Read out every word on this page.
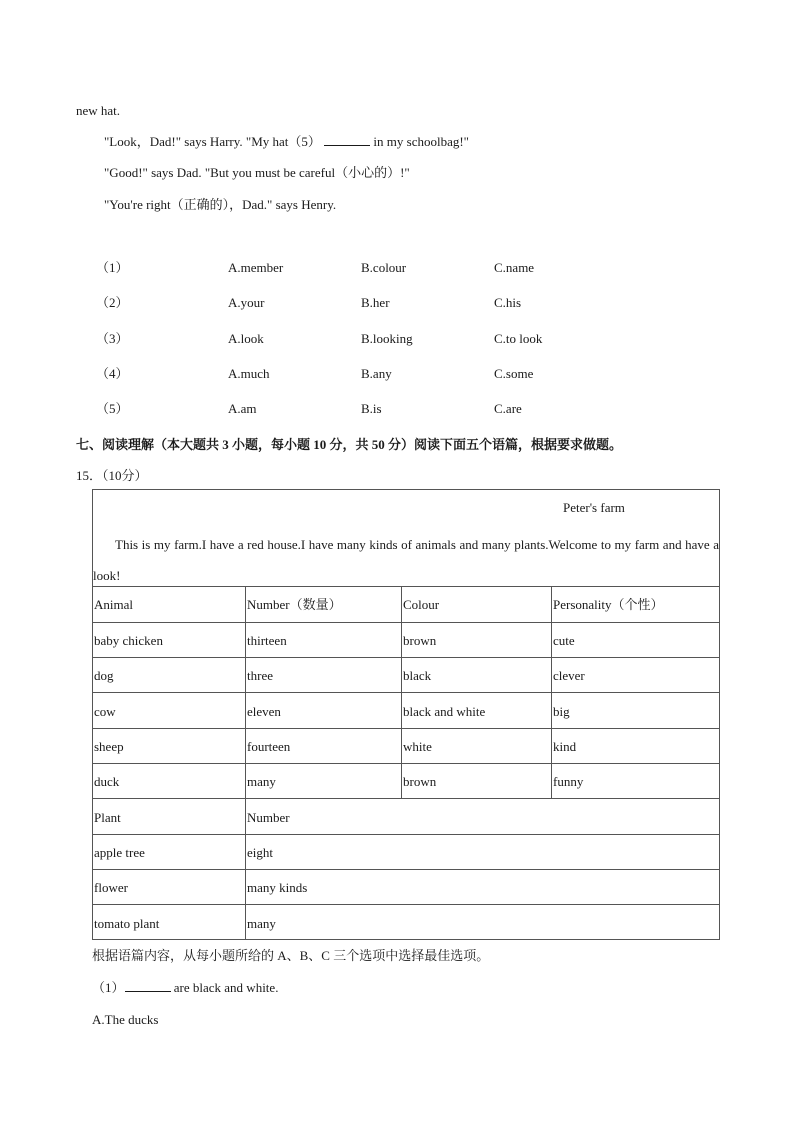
new hat.
"Look，Dad!" says Harry. "My hat（5）	in my schoolbag!"
"Good!" says Dad. "But you must be careful（小心的）!"
"You're right（正确的），Dad." says Henry.
（1）	A.member	B.colour	C.name
（2）	A.your	B.her	C.his
（3）	A.look	B.looking	C.to look
（4）	A.much	B.any	C.some
（5）	A.am	B.is	C.are
七、阅读理解（本大题共 3 小题，每小题 10 分，共 50 分）阅读下面五个语篇，根据要求做题。
15．（10分）
Peter's farm
This is my farm.I have a red house.I have many kinds of animals and many plants.Welcome to my farm and have a look!
Animal	Number（数量）	Colour	Personality（个性）
baby chicken	thirteen	brown	cute
dog	three	black	clever
cow	eleven	black and white	big
sheep	fourteen	white	kind
duck	many	brown	funny
Plant	Number
apple tree	eight
flower	many kinds
tomato plant	many
根据语篇内容，从每小题所给的 A、B、C 三个选项中选择最佳选项。
（1）	are black and white.
A.The ducks
